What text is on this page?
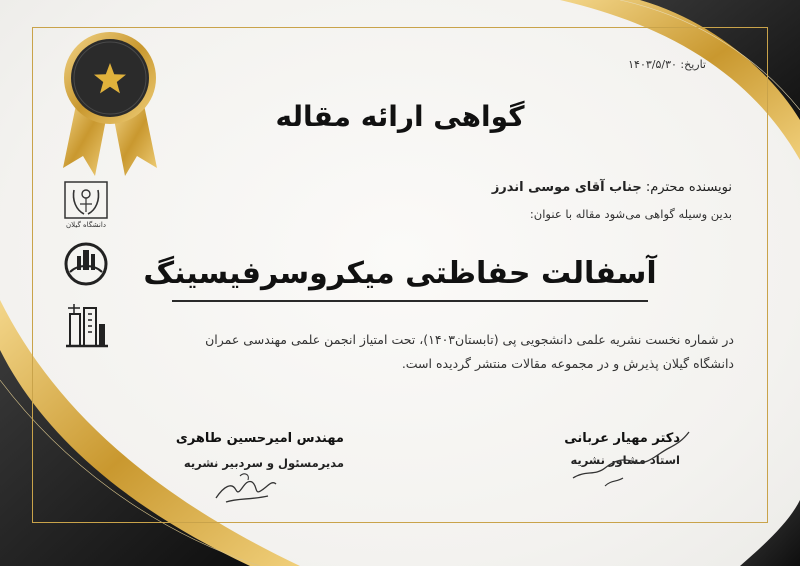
دانشگاه گیلان
تاریخ: ۱۴۰۳/۵/۳۰
گواهی ارائه مقاله
نویسنده محترم: جناب آقای موسی اندرز
بدین وسیله گواهی می‌شود مقاله با عنوان:
آسفالت حفاظتی میکروسرفیسینگ
در شماره نخست نشریه علمی دانشجویی پی (تابستان۱۴۰۳)، تحت امتیاز انجمن علمی مهندسی عمران
دانشگاه گیلان پذیرش و در مجموعه مقالات منتشر گردیده است.
مهندس امیرحسین طاهری
مدیرمسئول و سردبیر نشریه
دکتر مهیار عربانی
استاد مشاور نشریه
